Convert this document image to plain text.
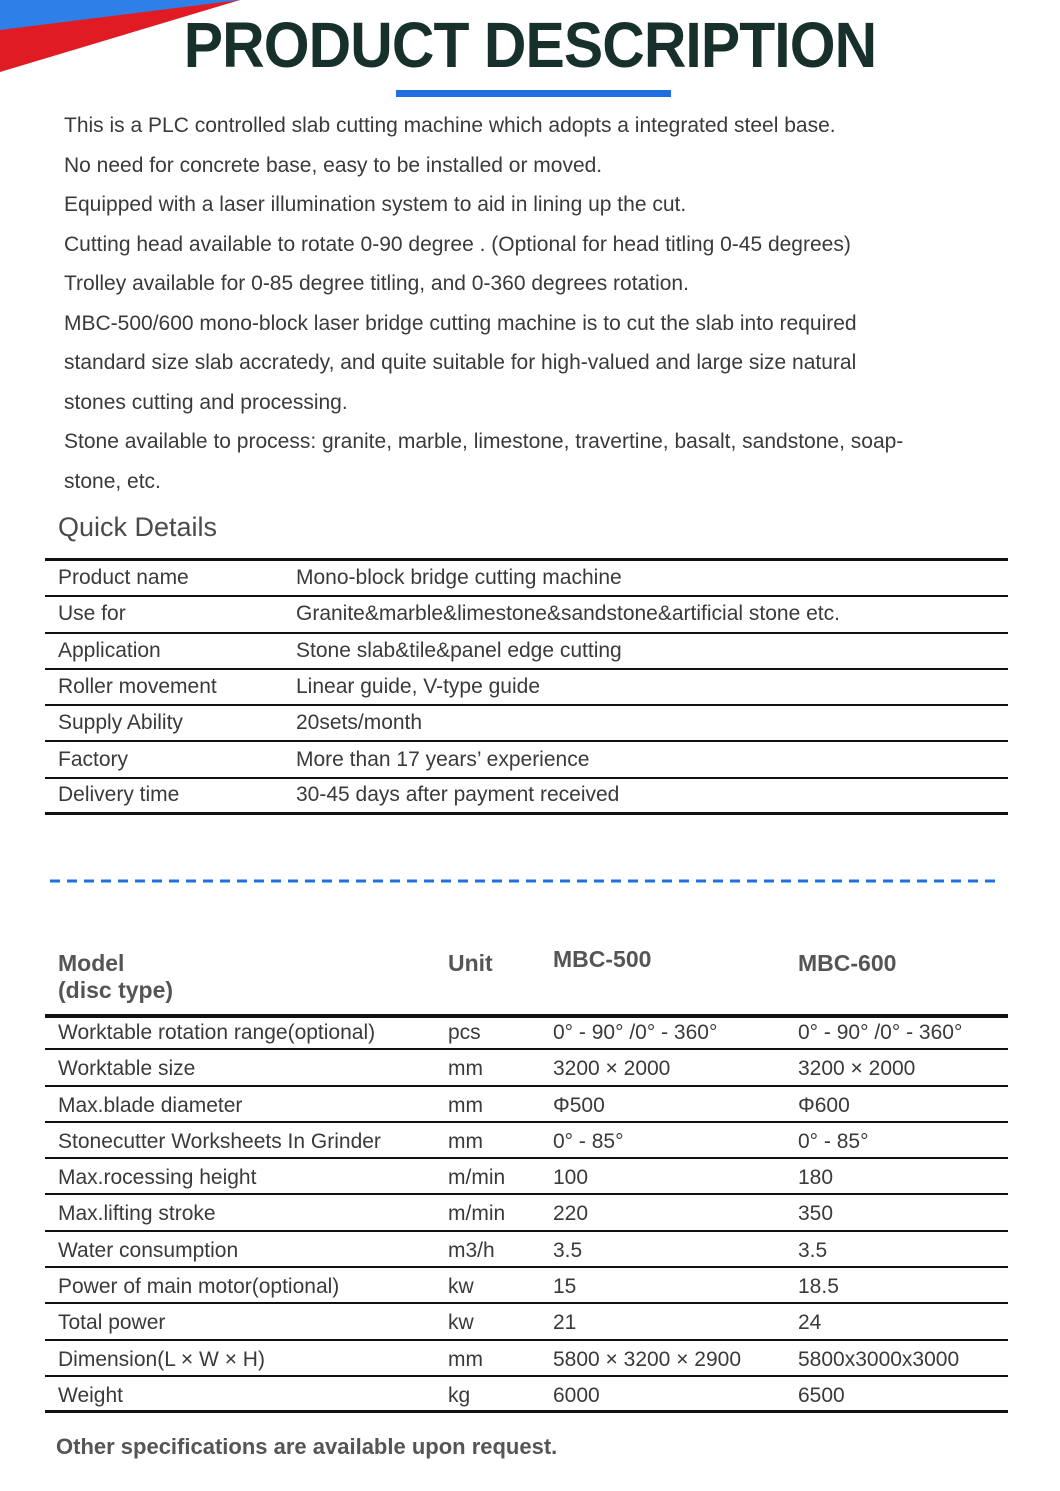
PRODUCT DESCRIPTION

This is a PLC controlled slab cutting machine which adopts a integrated steel base.

No need for concrete base, easy to be installed or moved.

Equipped with a laser illumination system to aid in lining up the cut.

Cutting head available to rotate 0-90 degree . (Optional for head titling 0-45 degrees)

Trolley available for 0-85 degree titling, and 0-360 degrees rotation.

MBC-500/600 mono-block laser bridge cutting machine is to cut the slab into required

standard size slab accratedy, and quite suitable for high-valued and large size natural

stones cutting and processing.

Stone available to process: granite, marble, limestone, travertine, basalt, sandstone, soap-

stone, etc.

Quick Details
Product name	Mono-block bridge cutting machine
Use for	Granite&marble&limestone&sandstone&artificial stone etc.
Application	Stone slab&tile&panel edge cutting
Roller movement	Linear guide, V-type guide
Supply Ability	20sets/month
Factory	More than 17 years’ experience
Delivery time	30-45 days after payment received
Model
(disc type)
Unit	MBC-500	MBC-600
Worktable rotation range(optional)	pcs	0° - 90° /0° - 360°	0° - 90° /0° - 360°
Worktable size	mm	3200 × 2000	3200 × 2000
Max.blade diameter	mm	Φ500	Φ600
Stonecutter Worksheets In Grinder	mm	0° - 85°	0° - 85°
Max.rocessing height	m/min 100	180
Max.lifting stroke	m/min 220	350
Water consumption	m3/h	3.5	3.5
Power of main motor(optional)	kw	15	18.5
Total power	kw	21	24
Dimension(L × W × H)	mm	5800 × 3200 × 2900	5800x3000x3000
Weight	kg	6000	6500

Other specifications are available upon request.
